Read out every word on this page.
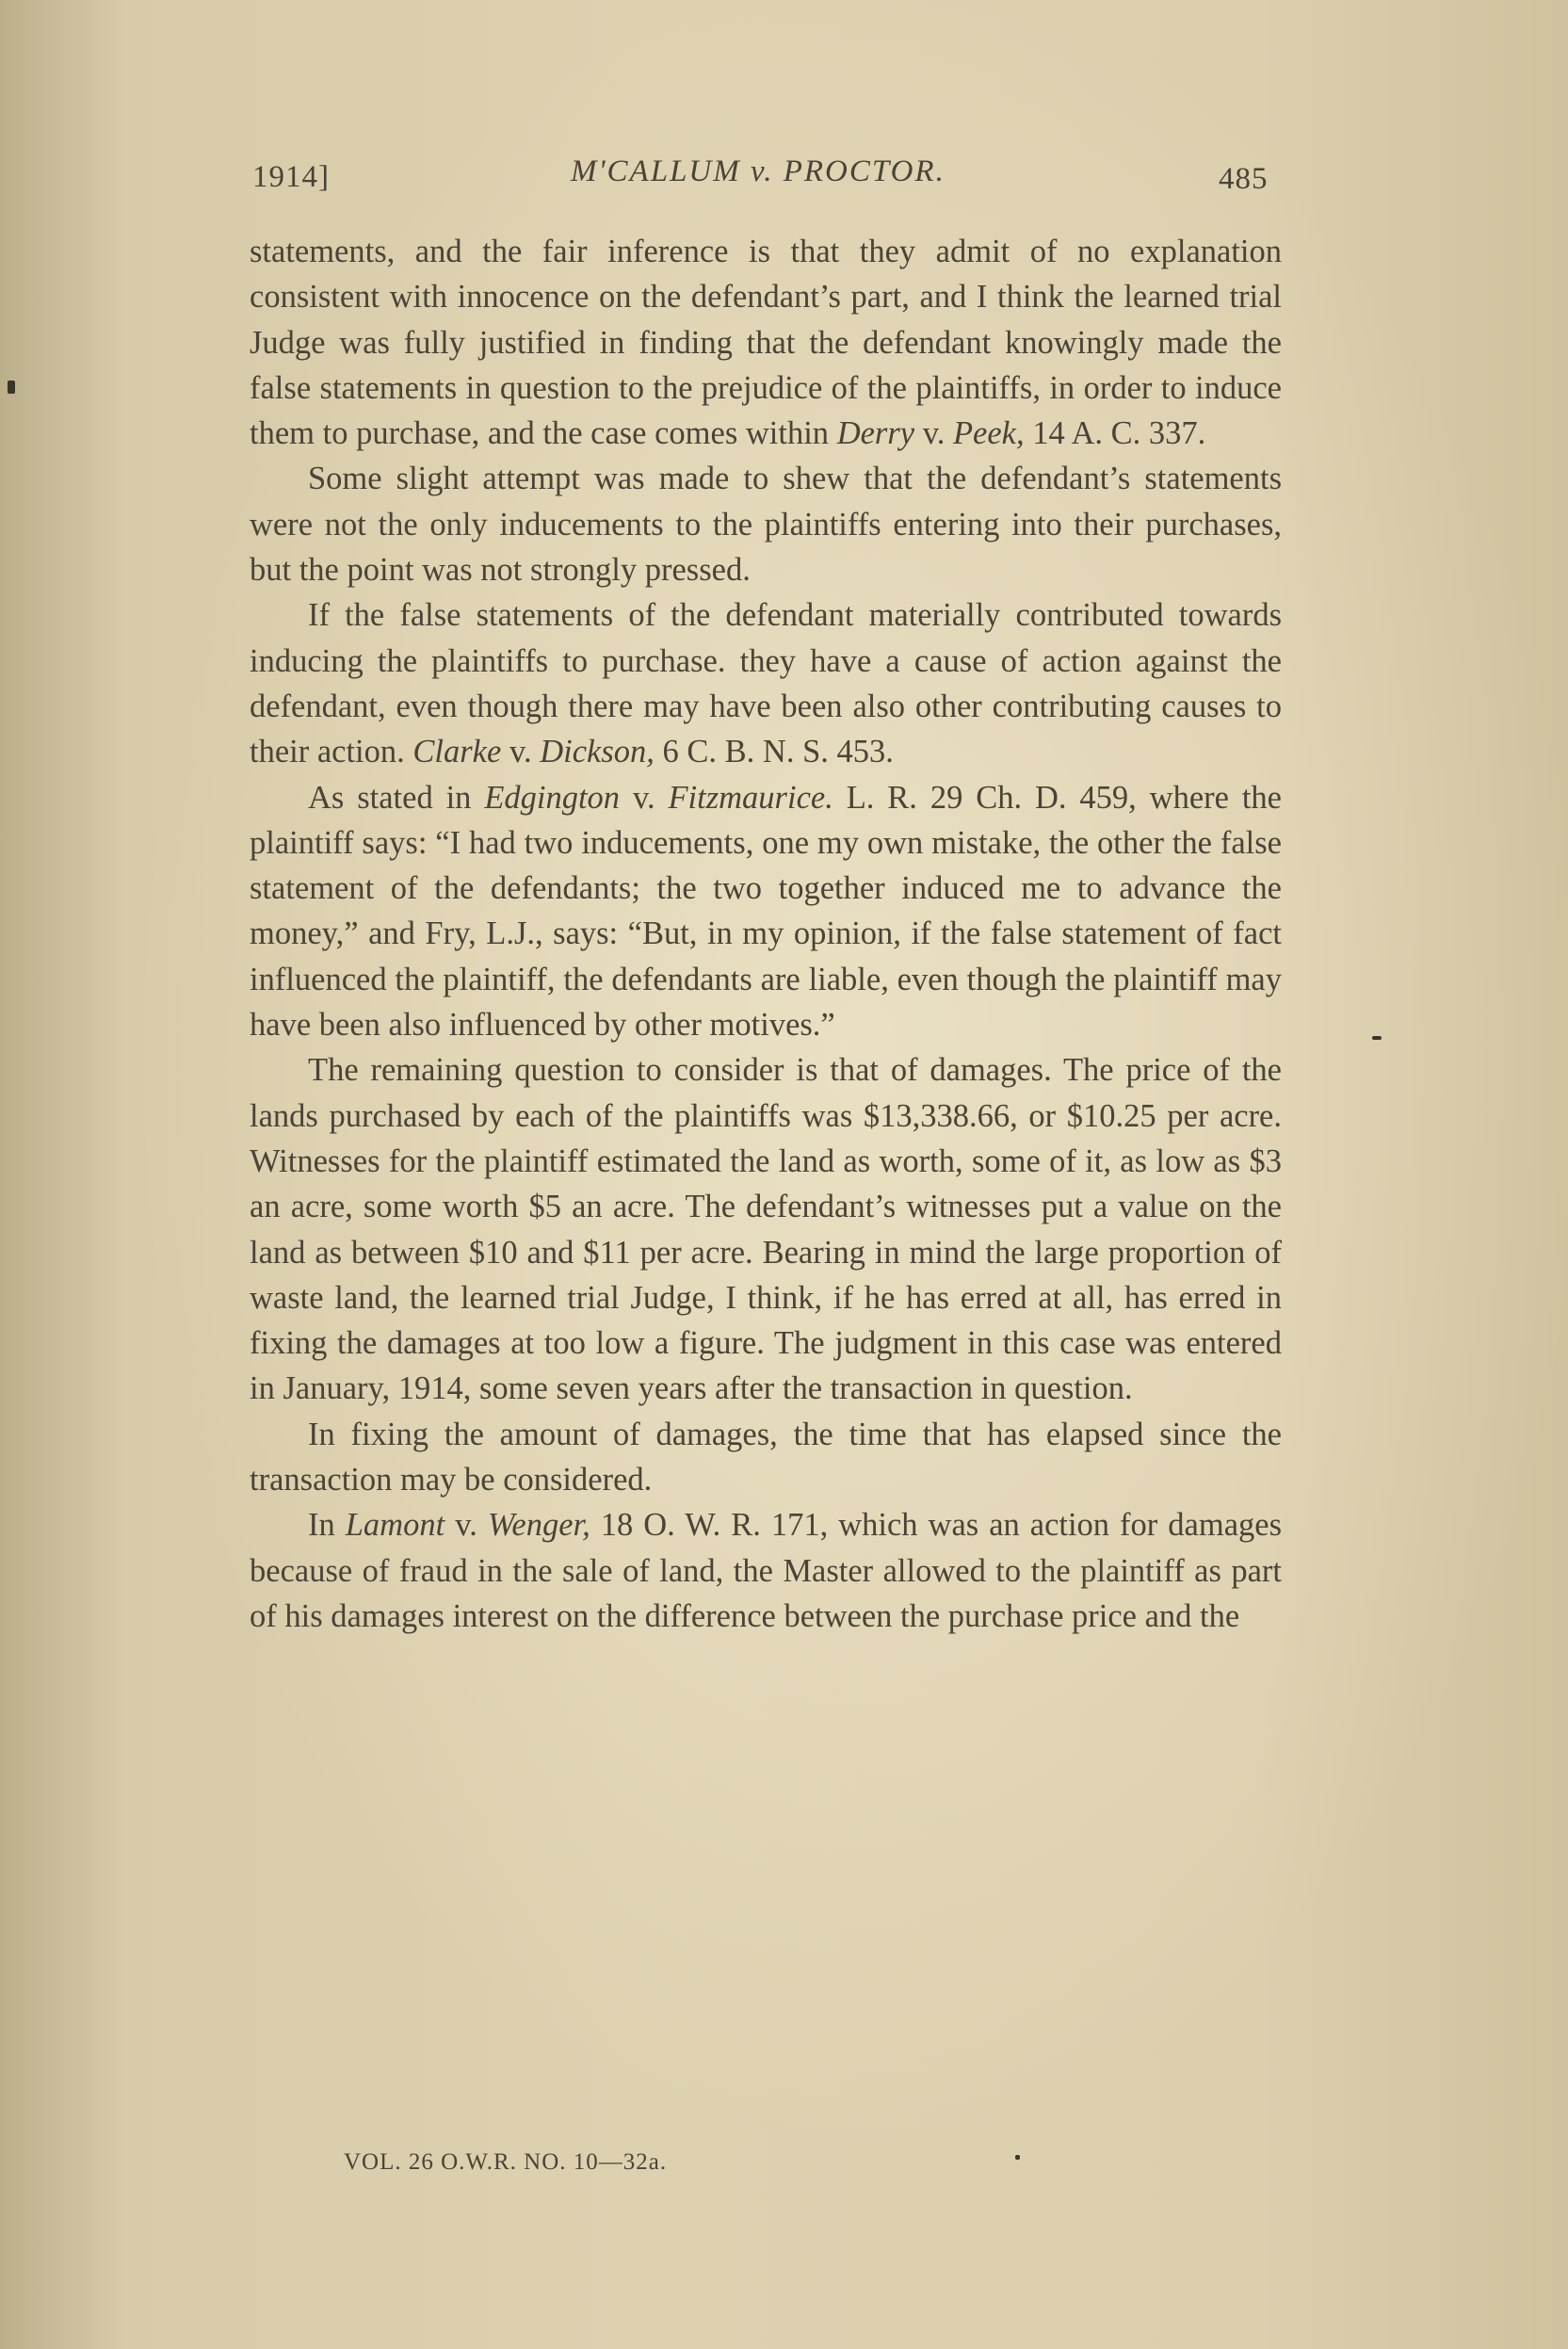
1914]	M'CALLUM v. PROCTOR.	485

statements, and the fair inference is that they admit of no explanation consistent with innocence on the defendant’s part, and I think the learned trial Judge was fully justified in finding that the defendant knowingly made the false statements in question to the prejudice of the plaintiffs, in order to induce them to purchase, and the case comes within Derry v. Peek, 14 A. C. 337.

Some slight attempt was made to shew that the defendant’s statements were not the only inducements to the plaintiffs entering into their purchases, but the point was not strongly pressed.

If the false statements of the defendant materially contributed towards inducing the plaintiffs to purchase. they have a cause of action against the defendant, even though there may have been also other contributing causes to their action. Clarke v. Dickson, 6 C. B. N. S. 453.

As stated in Edgington v. Fitzmaurice. L. R. 29 Ch. D. 459, where the plaintiff says: “I had two inducements, one my own mistake, the other the false statement of the defendants; the two together induced me to advance the money,” and Fry, L.J., says: “But, in my opinion, if the false statement of fact influenced the plaintiff, the defendants are liable, even though the plaintiff may have been also influenced by other motives.”

The remaining question to consider is that of damages. The price of the lands purchased by each of the plaintiffs was $13,338.66, or $10.25 per acre. Witnesses for the plaintiff estimated the land as worth, some of it, as low as $3 an acre, some worth $5 an acre. The defendant’s witnesses put a value on the land as between $10 and $11 per acre. Bearing in mind the large proportion of waste land, the learned trial Judge, I think, if he has erred at all, has erred in fixing the damages at too low a figure. The judgment in this case was entered in January, 1914, some seven years after the transaction in question.

In fixing the amount of damages, the time that has elapsed since the transaction may be considered.

In Lamont v. Wenger, 18 O. W. R. 171, which was an action for damages because of fraud in the sale of land, the Master allowed to the plaintiff as part of his damages interest on the difference between the purchase price and the

VOL. 26 O.W.R. NO. 10—32a.
